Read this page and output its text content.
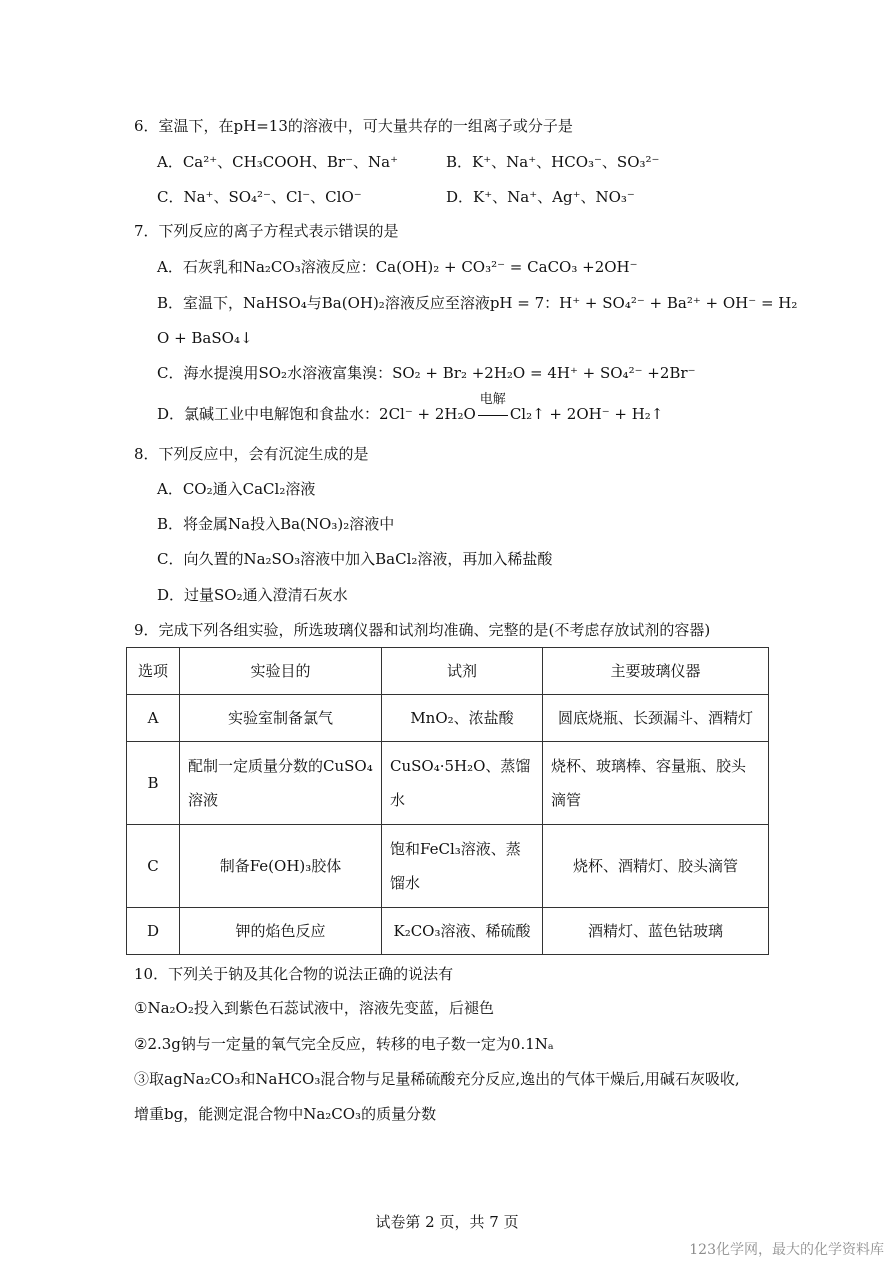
6．室温下，在pH=13的溶液中，可大量共存的一组离子或分子是
A．Ca²⁺、CH₃COOH、Br⁻、Na⁺	B．K⁺、Na⁺、HCO₃⁻、SO₃²⁻
C．Na⁺、SO₄²⁻、Cl⁻、ClO⁻	D．K⁺、Na⁺、Ag⁺、NO₃⁻
7．下列反应的离子方程式表示错误的是
A．石灰乳和Na₂CO₃溶液反应：Ca(OH)₂ + CO₃²⁻ = CaCO₃ +2OH⁻
B．室温下，NaHSO₄与Ba(OH)₂溶液反应至溶液pH = 7：H⁺ + SO₄²⁻ + Ba²⁺ + OH⁻ = H₂
O + BaSO₄↓
C．海水提溴用SO₂水溶液富集溴：SO₂ + Br₂ +2H₂O = 4H⁺ + SO₄²⁻ +2Br⁻
D．氯碱工业中电解饱和食盐水：2Cl⁻ + 2H₂O
电解
Cl₂↑ + 2OH⁻ + H₂↑
8．下列反应中，会有沉淀生成的是
A．CO₂通入CaCl₂溶液
B．将金属Na投入Ba(NO₃)₂溶液中
C．向久置的Na₂SO₃溶液中加入BaCl₂溶液，再加入稀盐酸
D．过量SO₂通入澄清石灰水
9．完成下列各组实验，所选玻璃仪器和试剂均准确、完整的是(不考虑存放试剂的容器)
选项	实验目的	试剂	主要玻璃仪器
A	实验室制备氯气	MnO₂、浓盐酸	圆底烧瓶、长颈漏斗、酒精灯
B	配制一定质量分数的CuSO₄溶液	CuSO₄·5H₂O、蒸馏水	烧杯、玻璃棒、容量瓶、胶头滴管
C	制备Fe(OH)₃胶体	饱和FeCl₃溶液、蒸馏水	烧杯、酒精灯、胶头滴管
D	钾的焰色反应	K₂CO₃溶液、稀硫酸	酒精灯、蓝色钴玻璃
10．下列关于钠及其化合物的说法正确的说法有
①Na₂O₂投入到紫色石蕊试液中，溶液先变蓝，后褪色
②2.3g钠与一定量的氧气完全反应，转移的电子数一定为0.1Nₐ
③取agNa₂CO₃和NaHCO₃混合物与足量稀硫酸充分反应,逸出的气体干燥后,用碱石灰吸收,
增重bg，能测定混合物中Na₂CO₃的质量分数
试卷第 2 页，共 7 页
123化学网，最大的化学资料库
